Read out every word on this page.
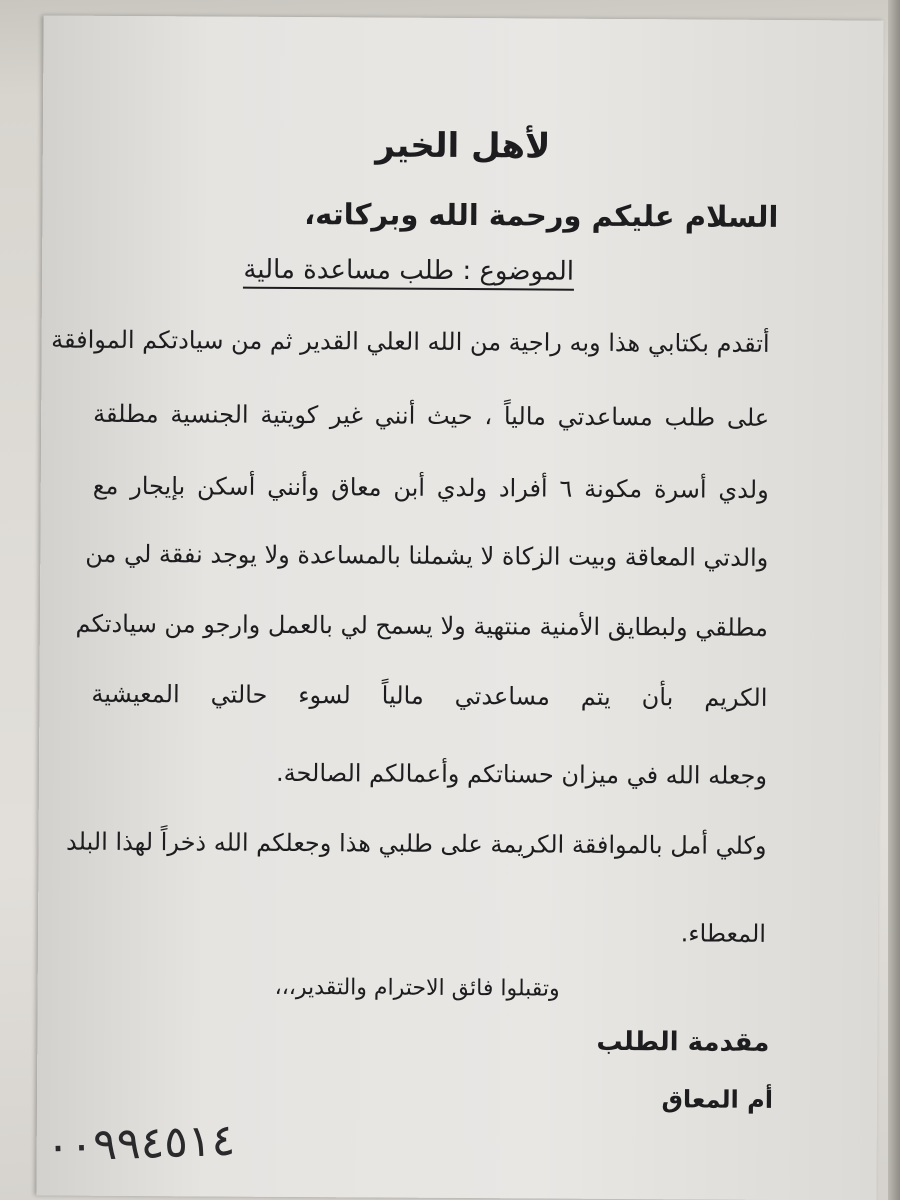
لأهل الخير
السلام عليكم ورحمة الله وبركاته،
الموضوع : طلب مساعدة مالية
أتقدم بكتابي هذا وبه راجية من الله العلي القدير ثم من سيادتكم الموافقة
على طلب مساعدتي مالياً ، حيث أنني غير كويتية الجنسية مطلقة
ولدي أسرة مكونة ٦ أفراد ولدي أبن معاق وأنني أسكن بإيجار مع
والدتي المعاقة وبيت الزكاة لا يشملنا بالمساعدة ولا يوجد نفقة لي من
مطلقي ولبطايق الأمنية منتهية ولا يسمح لي بالعمل وارجو من سيادتكم
الكريم بأن يتم مساعدتي مالياً لسوء حالتي المعيشية
وجعله الله في ميزان حسناتكم وأعمالكم الصالحة.
وكلي أمل بالموافقة الكريمة على طلبي هذا وجعلكم الله ذخراً لهذا البلد
المعطاء.
وتقبلوا فائق الاحترام والتقدير،،،
مقدمة الطلب
أم المعاق
٠٠٩٩٤٥١٤
